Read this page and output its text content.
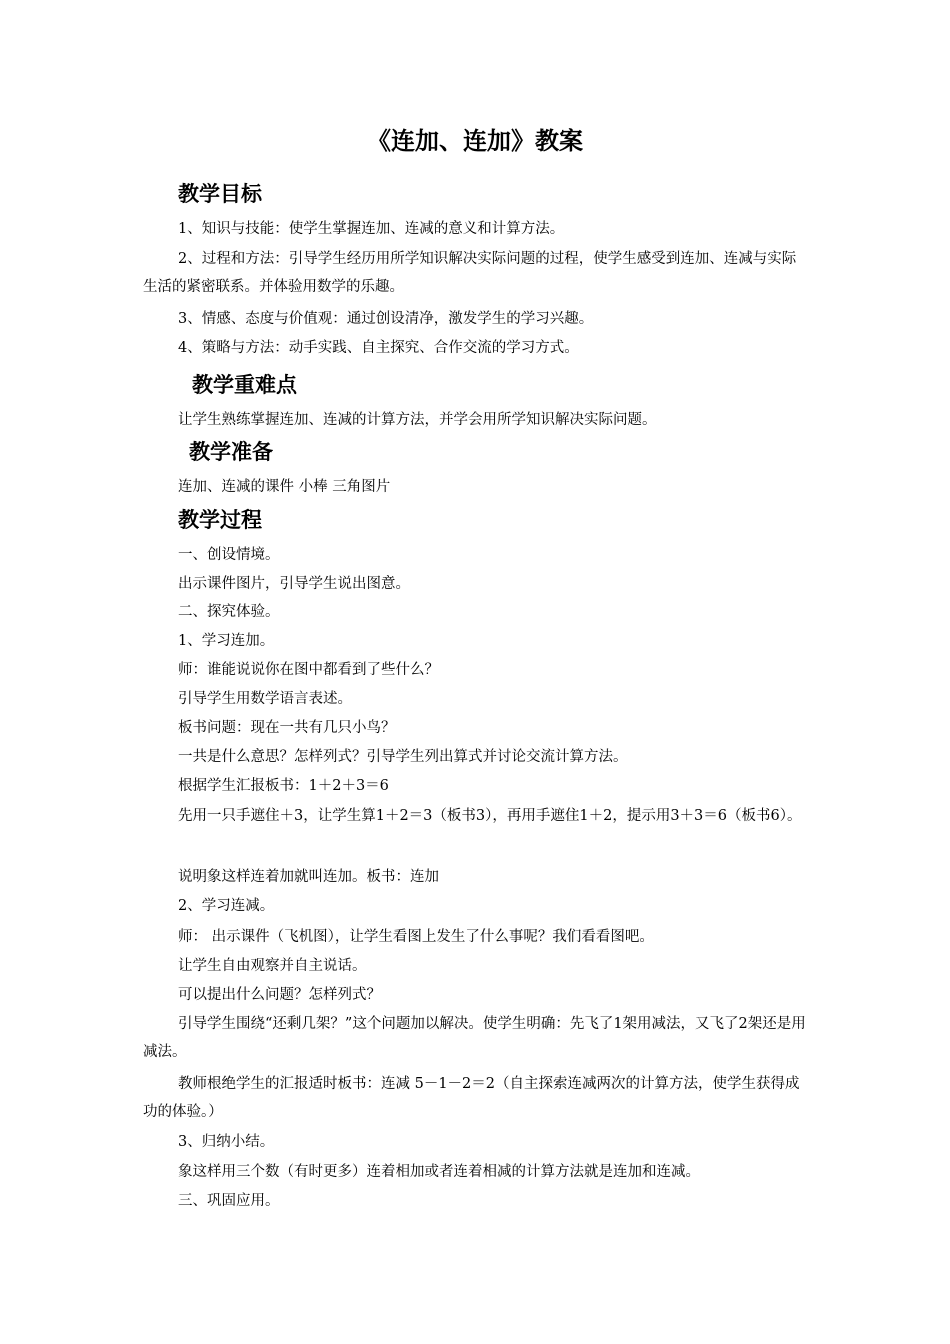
《连加、连加》教案
教学目标
1、知识与技能：使学生掌握连加、连减的意义和计算方法。
2、过程和方法：引导学生经历用所学知识解决实际问题的过程，使学生感受到连加、连减与实际生活的紧密联系。并体验用数学的乐趣。
3、情感、态度与价值观：通过创设清净，激发学生的学习兴趣。
4、策略与方法：动手实践、自主探究、合作交流的学习方式。
教学重难点
让学生熟练掌握连加、连减的计算方法，并学会用所学知识解决实际问题。
教学准备
连加、连减的课件 小棒 三角图片
教学过程
一、创设情境。
出示课件图片，引导学生说出图意。
二、探究体验。
1、学习连加。
师：谁能说说你在图中都看到了些什么？
引导学生用数学语言表述。
板书问题：现在一共有几只小鸟？
一共是什么意思？怎样列式？引导学生列出算式并讨论交流计算方法。
根据学生汇报板书：1＋2＋3＝6
先用一只手遮住＋3，让学生算1＋2＝3（板书3），再用手遮住1＋2，提示用3＋3＝6（板书6）。
说明象这样连着加就叫连加。板书：连加
2、学习连减。
师： 出示课件（飞机图），让学生看图上发生了什么事呢？我们看看图吧。
让学生自由观察并自主说话。
可以提出什么问题？怎样列式？
引导学生围绕“还剩几架？”这个问题加以解决。使学生明确：先飞了1架用减法，又飞了2架还是用减法。
教师根绝学生的汇报适时板书：连减 5－1－2＝2（自主探索连减两次的计算方法，使学生获得成功的体验。）
3、归纳小结。
象这样用三个数（有时更多）连着相加或者连着相减的计算方法就是连加和连减。
三、巩固应用。
